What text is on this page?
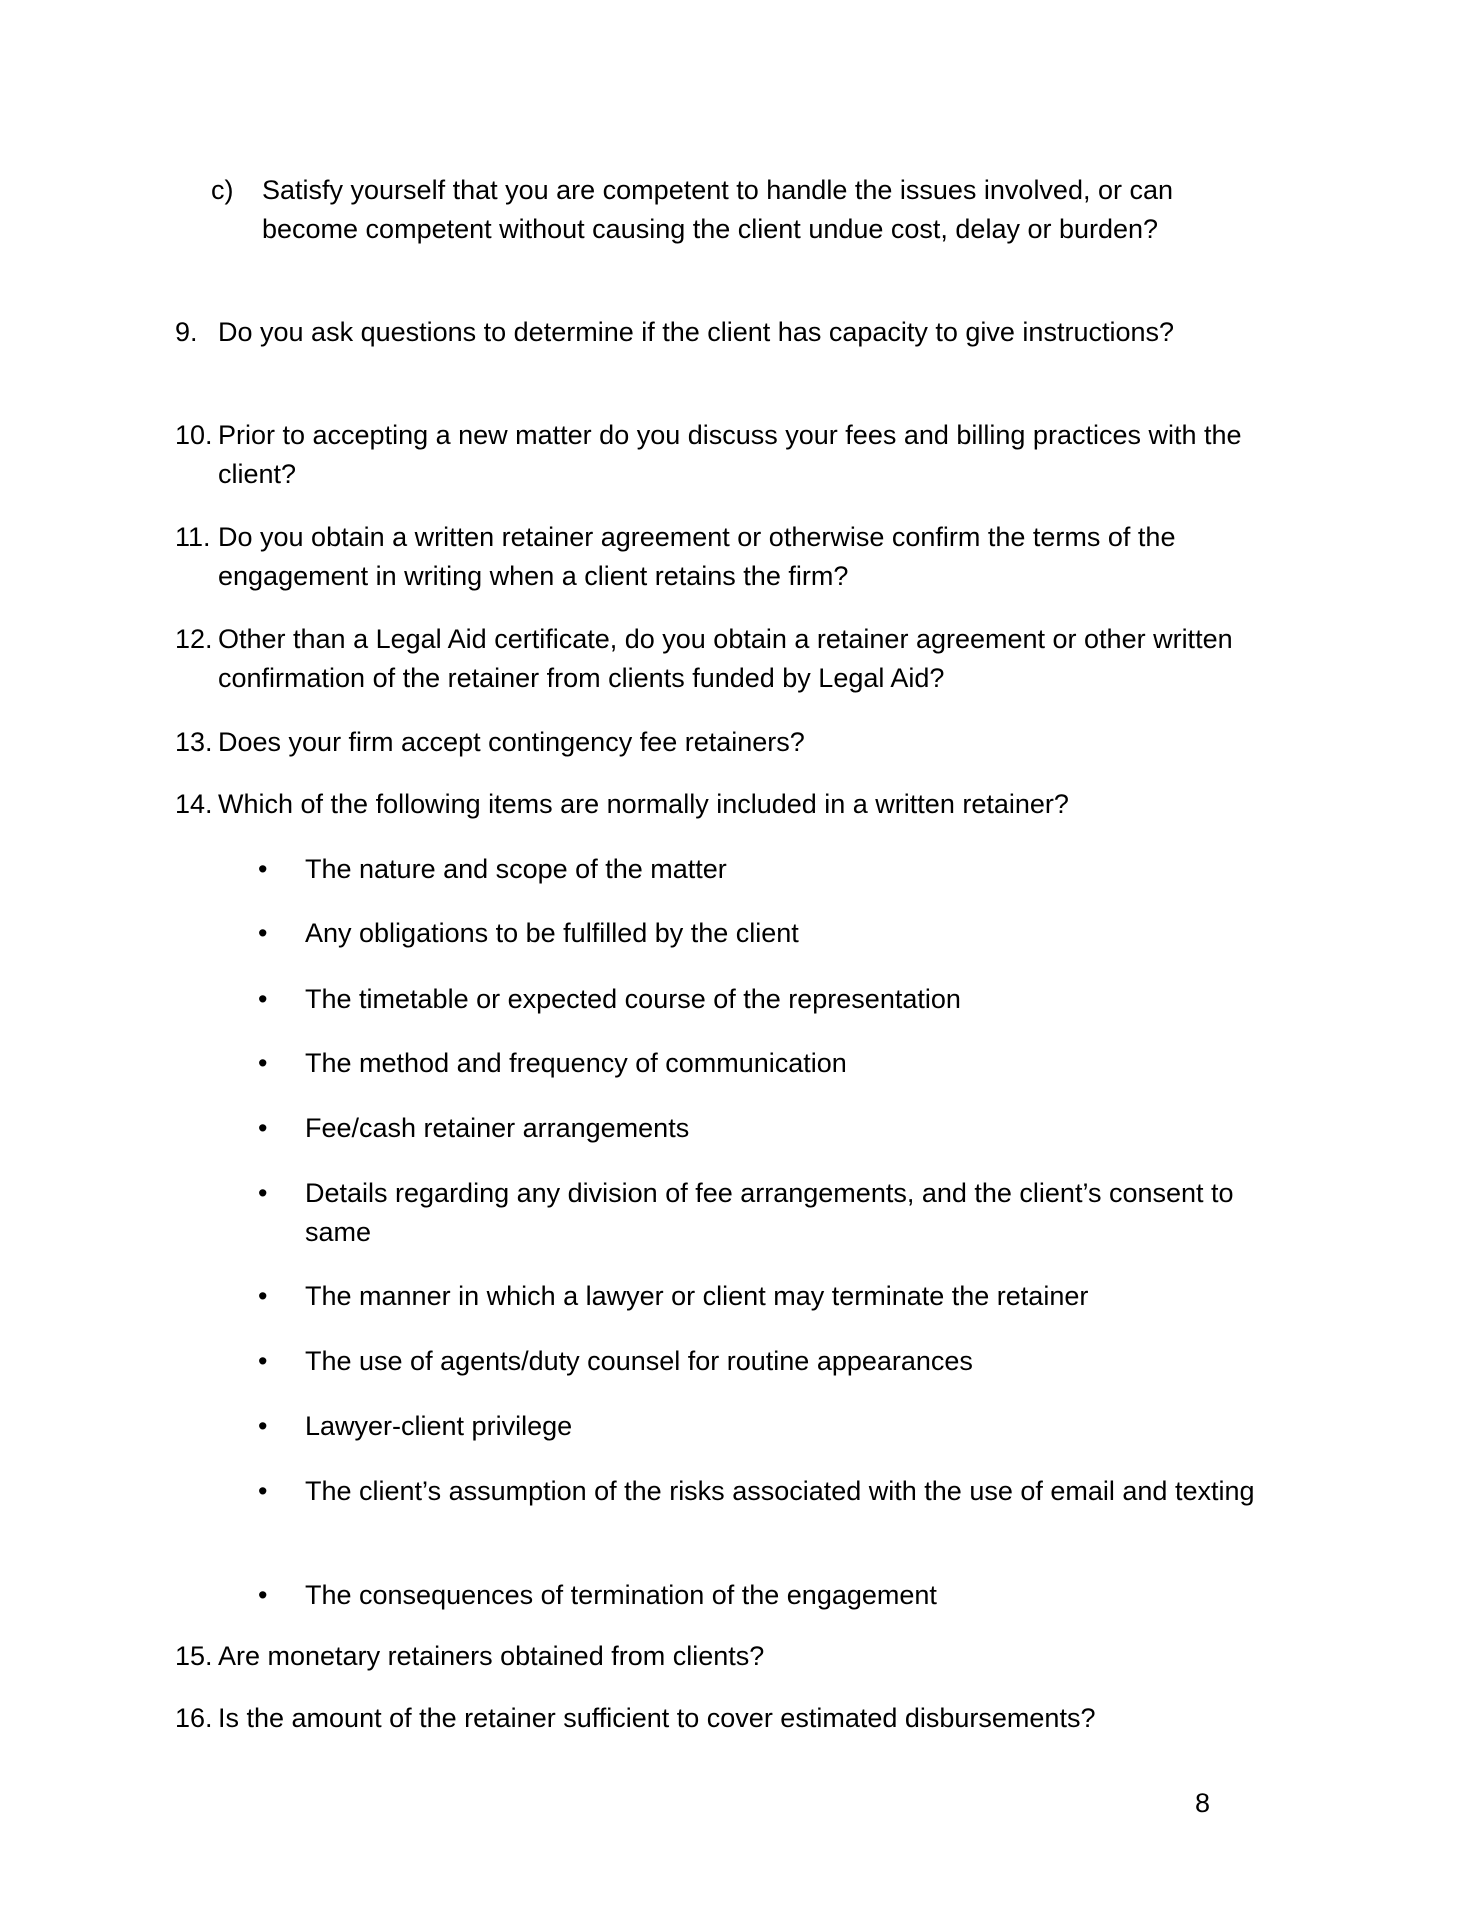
c) Satisfy yourself that you are competent to handle the issues involved, or can become competent without causing the client undue cost, delay or burden?
9. Do you ask questions to determine if the client has capacity to give instructions?
10. Prior to accepting a new matter do you discuss your fees and billing practices with the client?
11. Do you obtain a written retainer agreement or otherwise confirm the terms of the engagement in writing when a client retains the firm?
12. Other than a Legal Aid certificate, do you obtain a retainer agreement or other written confirmation of the retainer from clients funded by Legal Aid?
13. Does your firm accept contingency fee retainers?
14. Which of the following items are normally included in a written retainer?
• The nature and scope of the matter
• Any obligations to be fulfilled by the client
• The timetable or expected course of the representation
• The method and frequency of communication
• Fee/cash retainer arrangements
• Details regarding any division of fee arrangements, and the client’s consent to same
• The manner in which a lawyer or client may terminate the retainer
• The use of agents/duty counsel for routine appearances
• Lawyer-client privilege
• The client’s assumption of the risks associated with the use of email and texting
• The consequences of termination of the engagement
15. Are monetary retainers obtained from clients?
16. Is the amount of the retainer sufficient to cover estimated disbursements?
8
